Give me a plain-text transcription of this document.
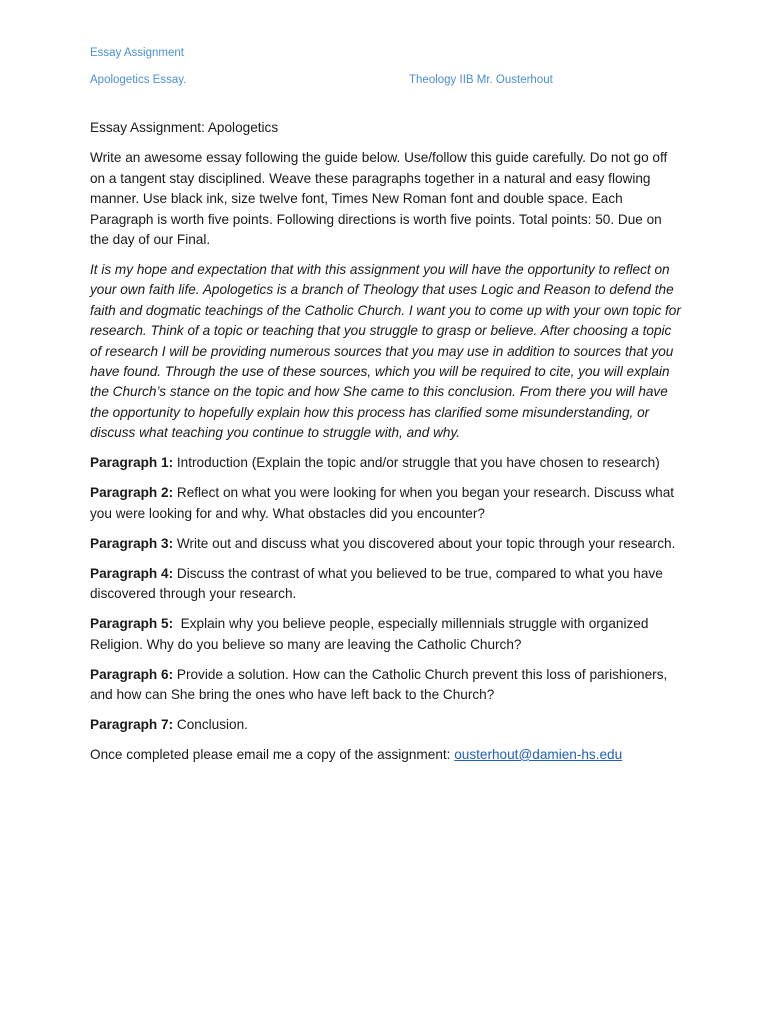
Essay Assignment
Apologetics Essay.	Theology IIB Mr. Ousterhout

Essay Assignment: Apologetics

Write an awesome essay following the guide below. Use/follow this guide carefully. Do not go off on a tangent stay disciplined. Weave these paragraphs together in a natural and easy flowing manner. Use black ink, size twelve font, Times New Roman font and double space. Each Paragraph is worth five points. Following directions is worth five points. Total points: 50. Due on the day of our Final.

It is my hope and expectation that with this assignment you will have the opportunity to reflect on your own faith life. Apologetics is a branch of Theology that uses Logic and Reason to defend the faith and dogmatic teachings of the Catholic Church. I want you to come up with your own topic for research. Think of a topic or teaching that you struggle to grasp or believe. After choosing a topic of research I will be providing numerous sources that you may use in addition to sources that you have found. Through the use of these sources, which you will be required to cite, you will explain the Church’s stance on the topic and how She came to this conclusion. From there you will have the opportunity to hopefully explain how this process has clarified some misunderstanding, or discuss what teaching you continue to struggle with, and why.

Paragraph 1: Introduction (Explain the topic and/or struggle that you have chosen to research)

Paragraph 2: Reflect on what you were looking for when you began your research. Discuss what you were looking for and why. What obstacles did you encounter?

Paragraph 3: Write out and discuss what you discovered about your topic through your research.

Paragraph 4: Discuss the contrast of what you believed to be true, compared to what you have discovered through your research.

Paragraph 5:  Explain why you believe people, especially millennials struggle with organized Religion. Why do you believe so many are leaving the Catholic Church?

Paragraph 6: Provide a solution. How can the Catholic Church prevent this loss of parishioners, and how can She bring the ones who have left back to the Church?

Paragraph 7: Conclusion.

Once completed please email me a copy of the assignment: ousterhout@damien-hs.edu
